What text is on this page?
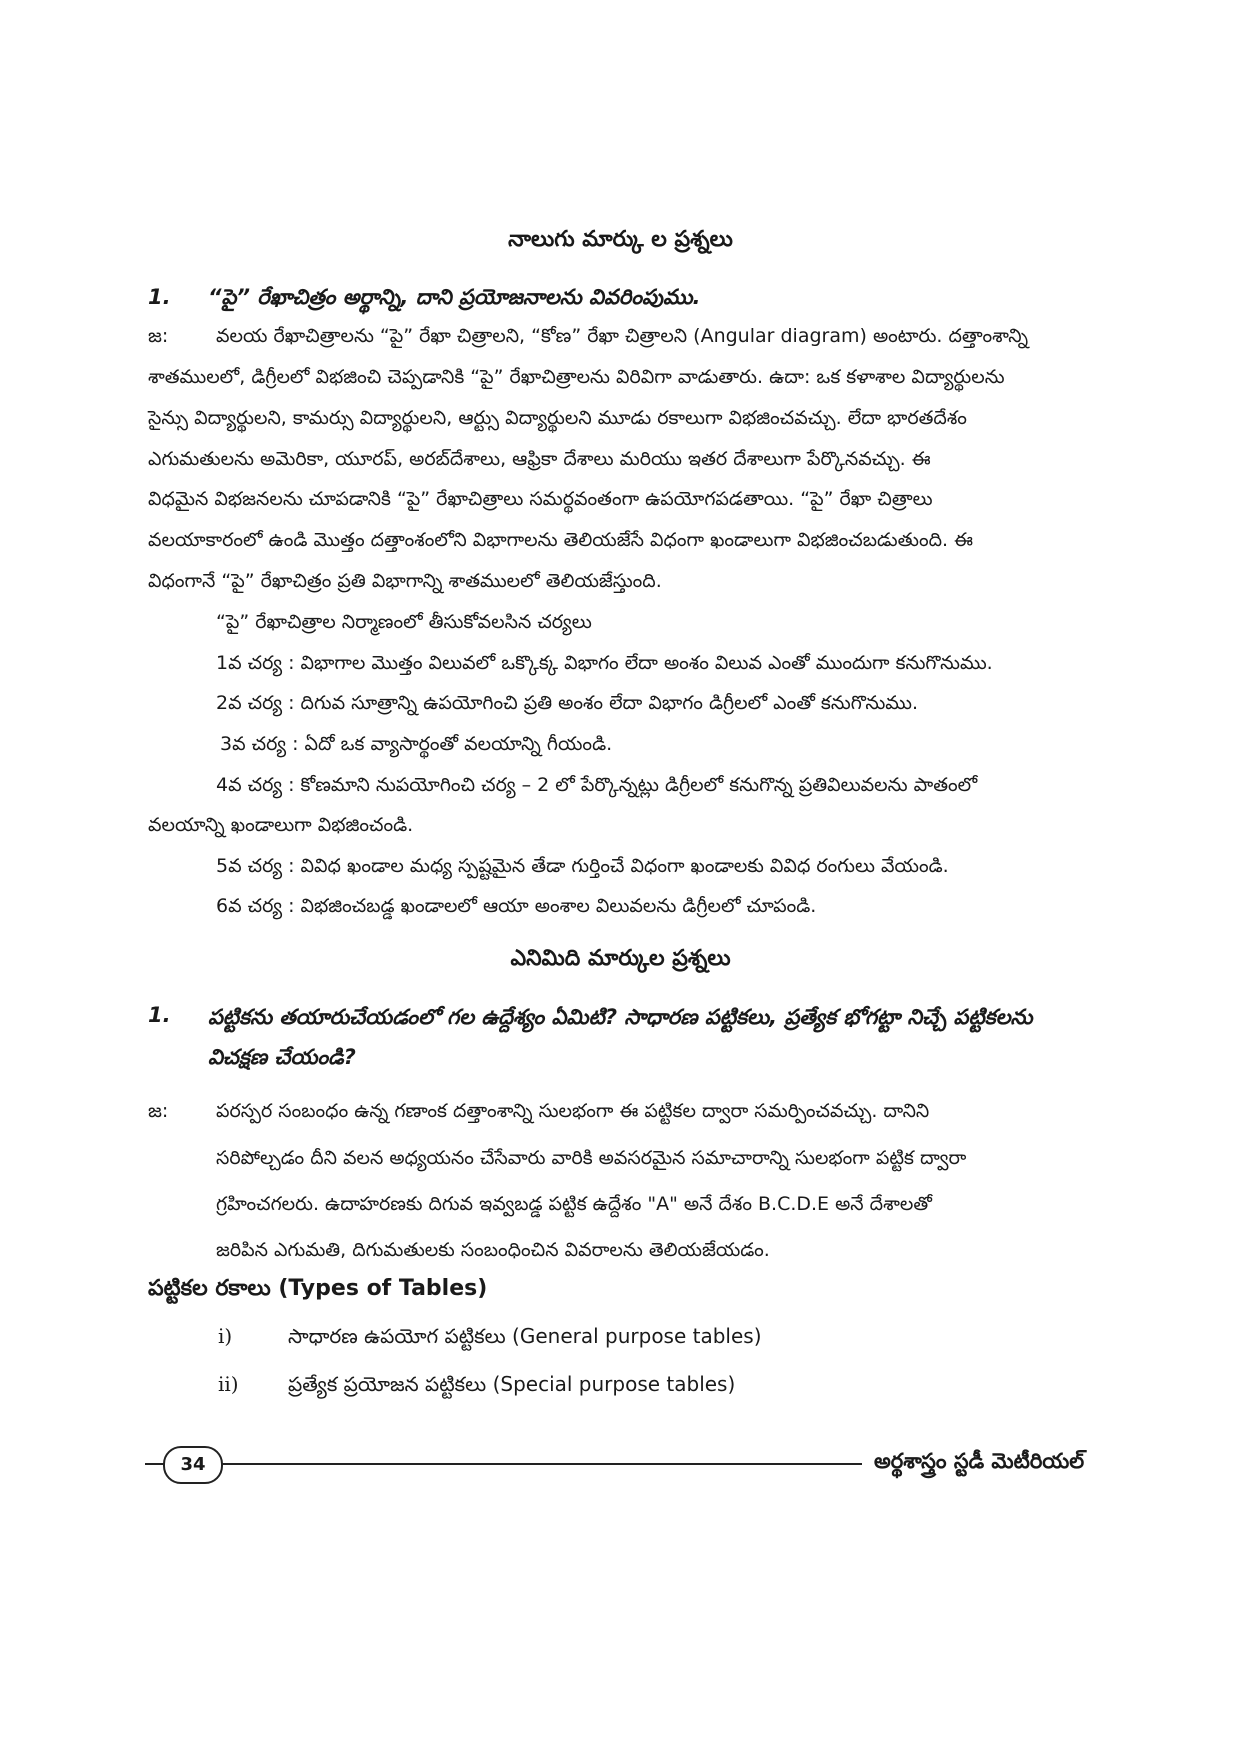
నాలుగు మార్కు ల ప్రశ్నలు
1. “పై” రేఖాచిత్రం అర్థాన్ని, దాని ప్రయోజనాలను వివరింపుము.
జ:	వలయ రేఖాచిత్రాలను “పై” రేఖా చిత్రాలని, “కోణ” రేఖా చిత్రాలని (Angular diagram) అంటారు. దత్తాంశాన్ని
శాతములలో, డిగ్రీలలో విభజించి చెప్పడానికి “పై” రేఖాచిత్రాలను విరివిగా వాడుతారు. ఉదా: ఒక కళాశాల విద్యార్థులను
సైన్సు విద్యార్థులని, కామర్సు విద్యార్థులని, ఆర్ట్సు విద్యార్థులని మూడు రకాలుగా విభజించవచ్చు. లేదా భారతదేశం
ఎగుమతులను అమెరికా, యూరప్, అరబ్‌దేశాలు, ఆఫ్రికా దేశాలు మరియు ఇతర దేశాలుగా పేర్కొనవచ్చు. ఈ
విధమైన విభజనలను చూపడానికి “పై” రేఖాచిత్రాలు సమర్థవంతంగా ఉపయోగపడతాయి. “పై” రేఖా చిత్రాలు
వలయాకారంలో ఉండి మొత్తం దత్తాంశంలోని విభాగాలను తెలియజేసే విధంగా ఖండాలుగా విభజించబడుతుంది. ఈ
విధంగానే “పై” రేఖాచిత్రం ప్రతి విభాగాన్ని శాతములలో తెలియజేస్తుంది.
“పై” రేఖాచిత్రాల నిర్మాణంలో తీసుకోవలసిన చర్యలు
1వ చర్య : విభాగాల మొత్తం విలువలో ఒక్కొక్క విభాగం లేదా అంశం విలువ ఎంతో ముందుగా కనుగొనుము.
2వ చర్య : దిగువ సూత్రాన్ని ఉపయోగించి ప్రతి అంశం లేదా విభాగం డిగ్రీలలో ఎంతో కనుగొనుము.
3వ చర్య : ఏదో ఒక వ్యాసార్థంతో వలయాన్ని గీయండి.
4వ చర్య : కోణమాని నుపయోగించి చర్య – 2 లో పేర్కొన్నట్లు డిగ్రీలలో కనుగొన్న ప్రతివిలువలను పాతంలో
వలయాన్ని ఖండాలుగా విభజించండి.
5వ చర్య : వివిధ ఖండాల మధ్య స్పష్టమైన తేడా గుర్తించే విధంగా ఖండాలకు వివిధ రంగులు వేయండి.
6వ చర్య : విభజించబడ్డ ఖండాలలో ఆయా అంశాల విలువలను డిగ్రీలలో చూపండి.
ఎనిమిది మార్కుల ప్రశ్నలు
1. పట్టికను తయారుచేయడంలో గల ఉద్దేశ్యం ఏమిటి? సాధారణ పట్టికలు, ప్రత్యేక భోగట్టా నిచ్చే పట్టికలను
విచక్షణ చేయండి?
జ:	పరస్పర సంబంధం ఉన్న గణాంక దత్తాంశాన్ని సులభంగా ఈ పట్టికల ద్వారా సమర్పించవచ్చు. దానిని
సరిపోల్చడం దీని వలన అధ్యయనం చేసేవారు వారికి అవసరమైన సమాచారాన్ని సులభంగా పట్టిక ద్వారా
గ్రహించగలరు. ఉదాహరణకు దిగువ ఇవ్వబడ్డ పట్టిక ఉద్దేశం "A" అనే దేశం B.C.D.E అనే దేశాలతో
జరిపిన ఎగుమతి, దిగుమతులకు సంబంధించిన వివరాలను తెలియజేయడం.
పట్టికల రకాలు (Types of Tables)
i)	సాధారణ ఉపయోగ పట్టికలు (General purpose tables)
ii) ప్రత్యేక ప్రయోజన పట్టికలు (Special purpose tables)
34	అర్థశాస్త్రం స్టడీ మెటీరియల్
